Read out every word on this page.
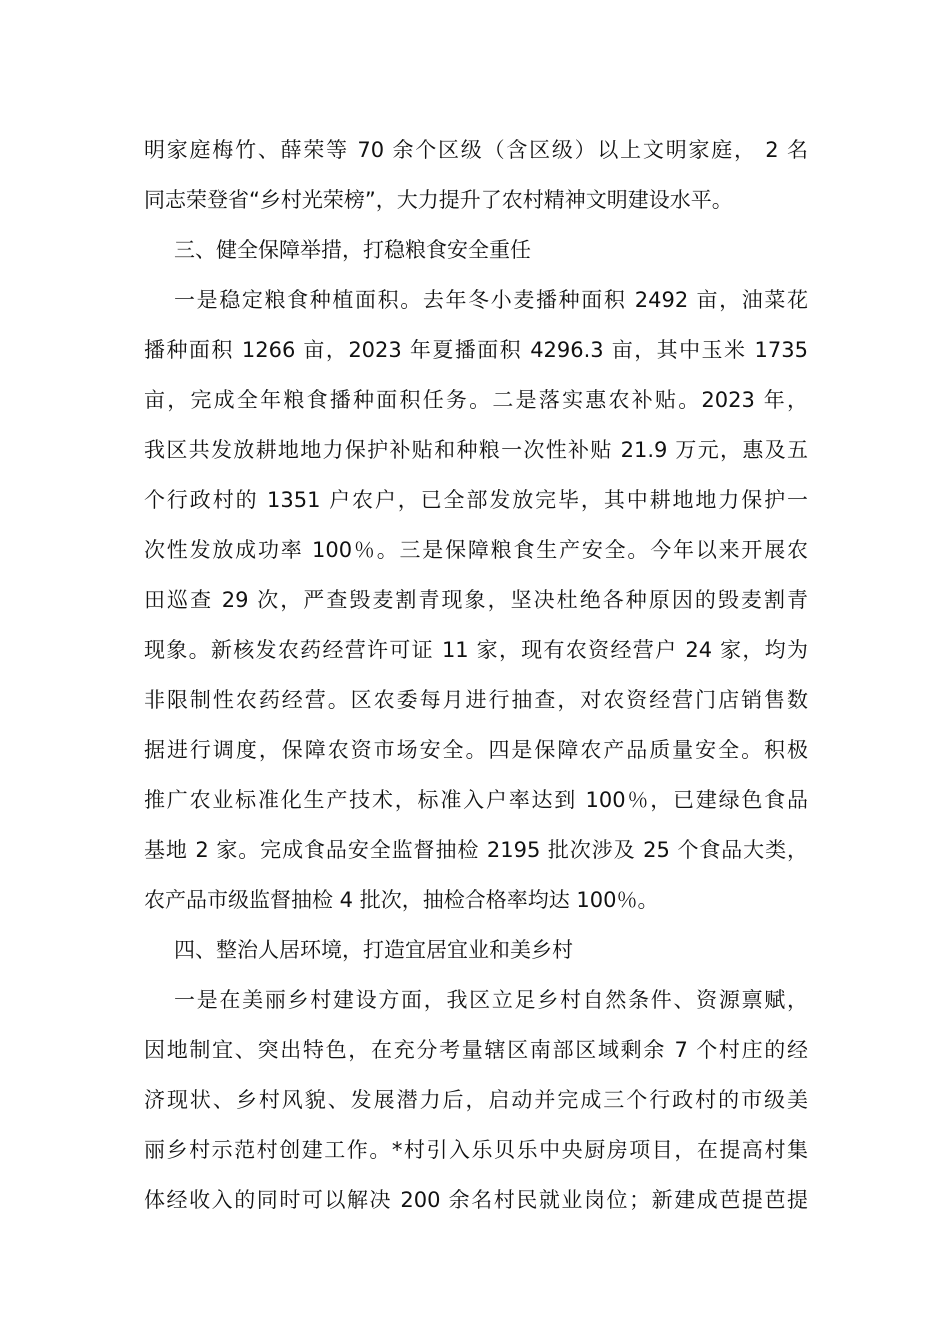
明家庭梅竹、薛荣等 70 余个区级（含区级）以上文明家庭， 2 名
同志荣登省“乡村光荣榜”，大力提升了农村精神文明建设水平。
三、健全保障举措，打稳粮食安全重任
一是稳定粮食种植面积。去年冬小麦播种面积 2492 亩，油菜花
播种面积 1266 亩，2023 年夏播面积 4296.3 亩，其中玉米 1735
亩，完成全年粮食播种面积任务。二是落实惠农补贴。2023 年，
我区共发放耕地地力保护补贴和种粮一次性补贴 21.9 万元，惠及五
个行政村的 1351 户农户，已全部发放完毕，其中耕地地力保护一
次性发放成功率 100％。三是保障粮食生产安全。今年以来开展农
田巡查 29 次，严查毁麦割青现象，坚决杜绝各种原因的毁麦割青
现象。新核发农药经营许可证 11 家，现有农资经营户 24 家，均为
非限制性农药经营。区农委每月进行抽查，对农资经营门店销售数
据进行调度，保障农资市场安全。四是保障农产品质量安全。积极
推广农业标准化生产技术，标准入户率达到 100％，已建绿色食品
基地 2 家。完成食品安全监督抽检 2195 批次涉及 25 个食品大类，
农产品市级监督抽检 4 批次，抽检合格率均达 100％。
四、整治人居环境，打造宜居宜业和美乡村
一是在美丽乡村建设方面，我区立足乡村自然条件、资源禀赋，
因地制宜、突出特色，在充分考量辖区南部区域剩余 7 个村庄的经
济现状、乡村风貌、发展潜力后，启动并完成三个行政村的市级美
丽乡村示范村创建工作。*村引入乐贝乐中央厨房项目，在提高村集
体经收入的同时可以解决 200 余名村民就业岗位；新建成芭提芭提
